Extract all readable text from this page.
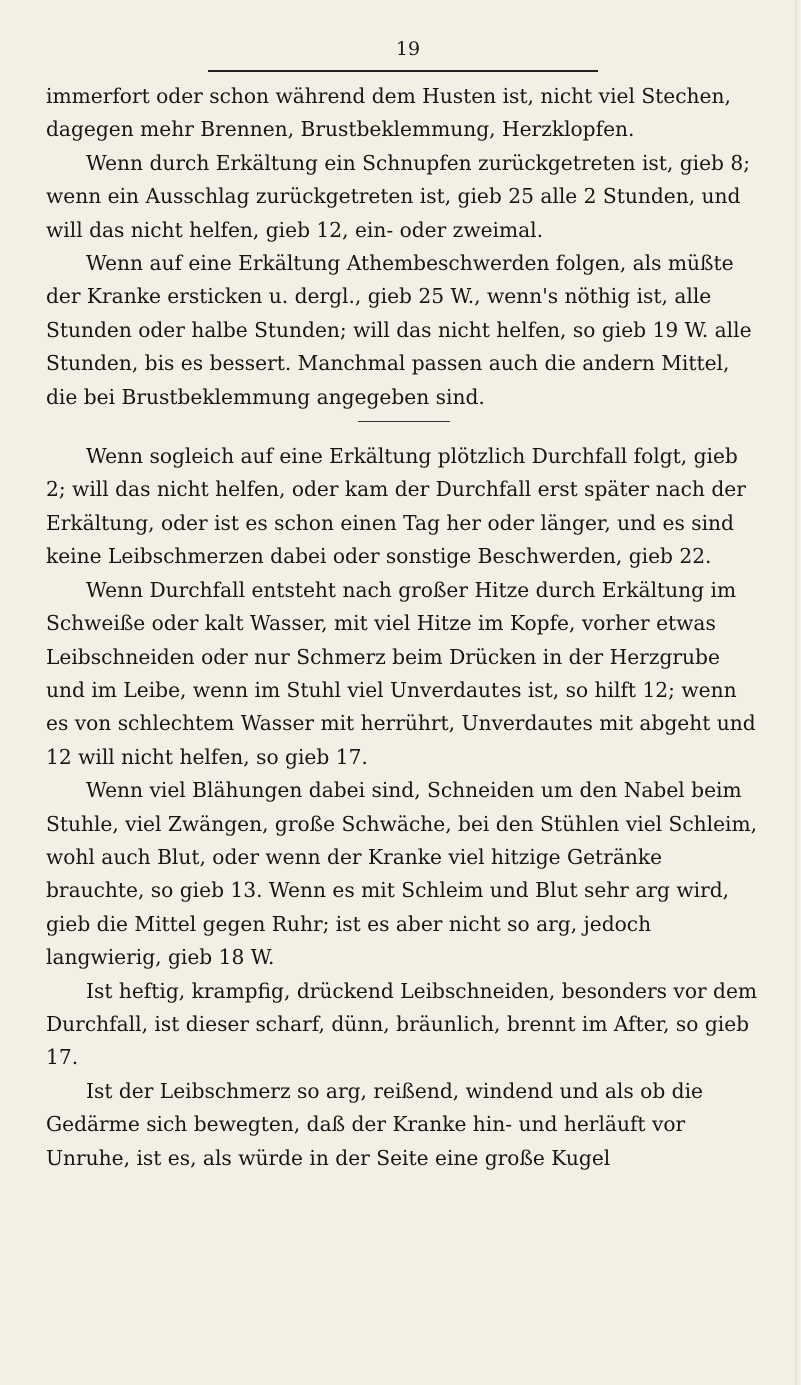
19

immerfort oder schon während dem Husten ist, nicht viel Stechen, dagegen mehr Brennen, Brustbeklemmung, Herzklopfen.

Wenn durch Erkältung ein Schnupfen zurückgetreten ist, gieb 8; wenn ein Ausschlag zurückgetreten ist, gieb 25 alle 2 Stunden, und will das nicht helfen, gieb 12, ein- oder zweimal.

Wenn auf eine Erkältung Athembeschwerden folgen, als müßte der Kranke ersticken u. dergl., gieb 25 W., wenn's nöthig ist, alle Stunden oder halbe Stunden; will das nicht helfen, so gieb 19 W. alle Stunden, bis es bessert. Manchmal passen auch die andern Mittel, die bei Brustbeklemmung angegeben sind.

Wenn sogleich auf eine Erkältung plötzlich Durchfall folgt, gieb 2; will das nicht helfen, oder kam der Durchfall erst später nach der Erkältung, oder ist es schon einen Tag her oder länger, und es sind keine Leibschmerzen dabei oder sonstige Beschwerden, gieb 22.

Wenn Durchfall entsteht nach großer Hitze durch Erkältung im Schweiße oder kalt Wasser, mit viel Hitze im Kopfe, vorher etwas Leibschneiden oder nur Schmerz beim Drücken in der Herzgrube und im Leibe, wenn im Stuhl viel Unverdautes ist, so hilft 12; wenn es von schlechtem Wasser mit herrührt, Unverdautes mit abgeht und 12 will nicht helfen, so gieb 17.

Wenn viel Blähungen dabei sind, Schneiden um den Nabel beim Stuhle, viel Zwängen, große Schwäche, bei den Stühlen viel Schleim, wohl auch Blut, oder wenn der Kranke viel hitzige Getränke brauchte, so gieb 13. Wenn es mit Schleim und Blut sehr arg wird, gieb die Mittel gegen Ruhr; ist es aber nicht so arg, jedoch langwierig, gieb 18 W.

Ist heftig, krampfig, drückend Leibschneiden, besonders vor dem Durchfall, ist dieser scharf, dünn, bräunlich, brennt im After, so gieb 17.

Ist der Leibschmerz so arg, reißend, windend und als ob die Gedärme sich bewegten, daß der Kranke hin- und herläuft vor Unruhe, ist es, als würde in der Seite eine große Kugel
